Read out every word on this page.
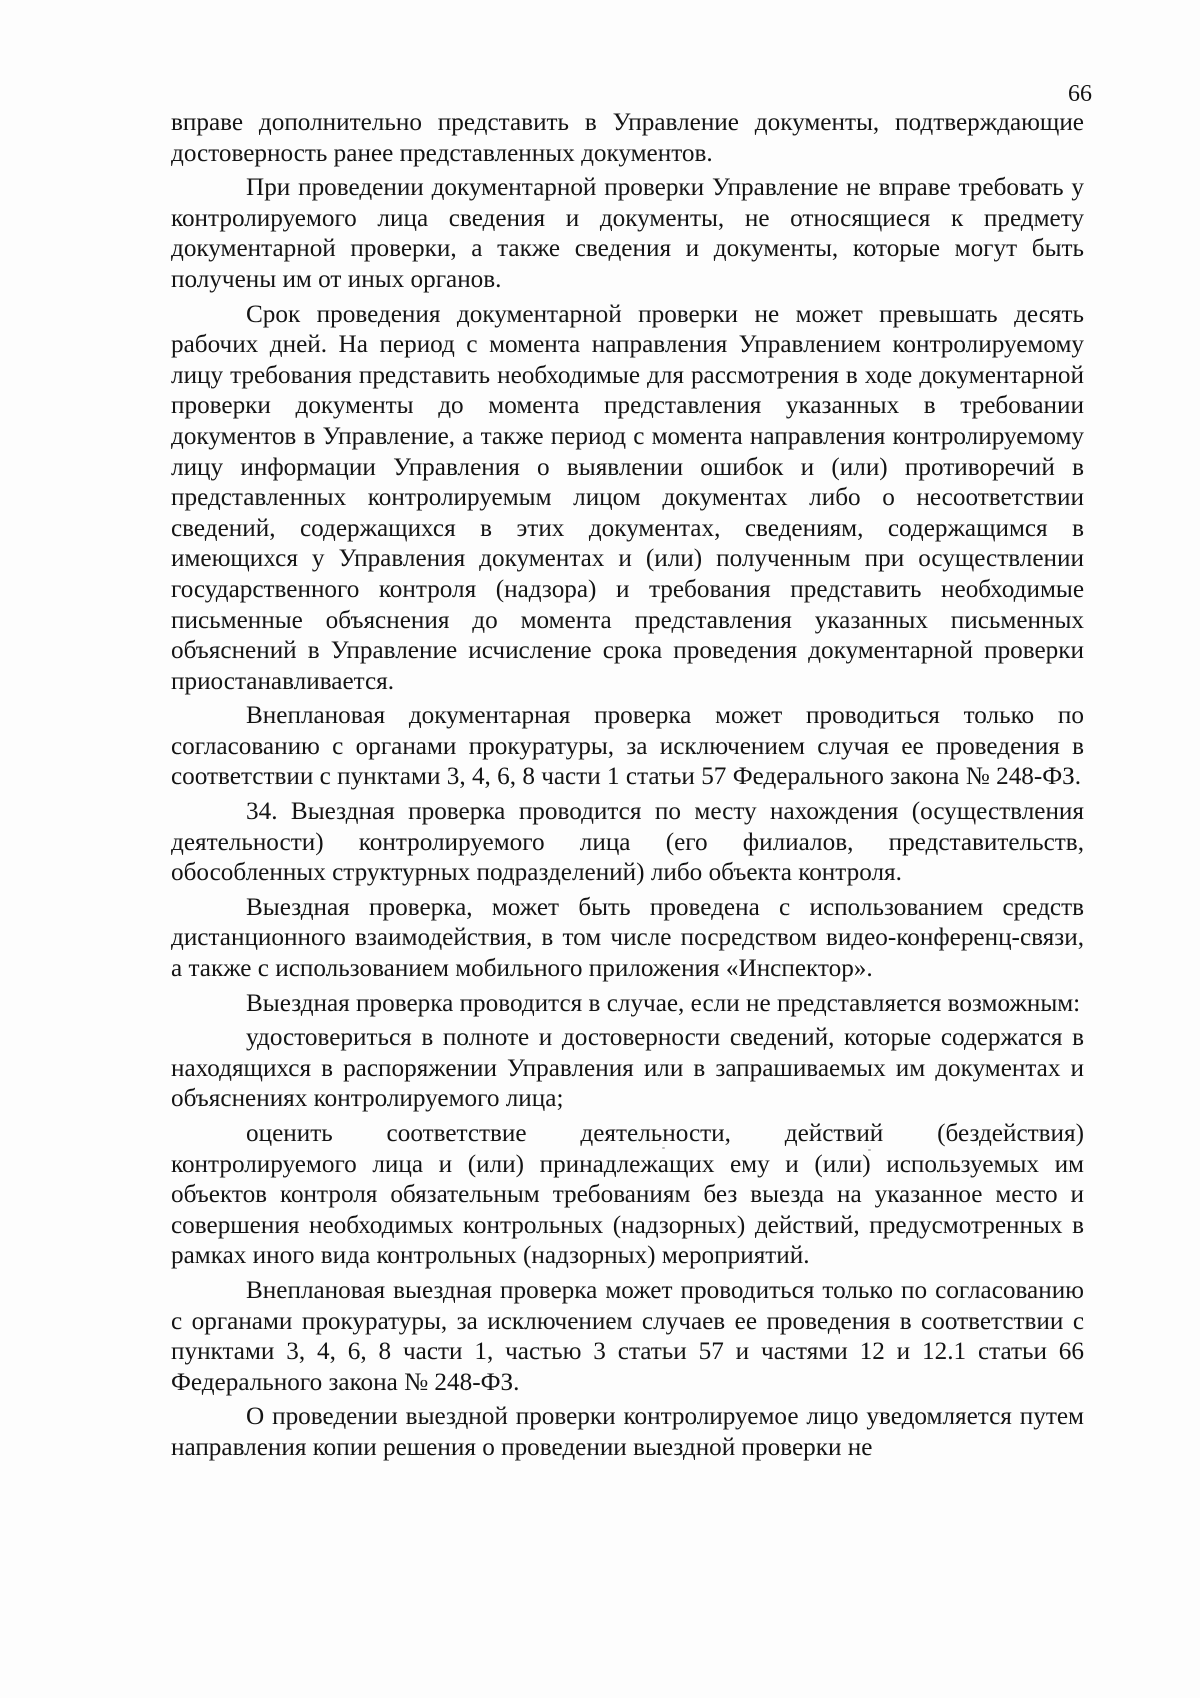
66

вправе дополнительно представить в Управление документы, подтверждающие достоверность ранее представленных документов.

При проведении документарной проверки Управление не вправе требовать у контролируемого лица сведения и документы, не относящиеся к предмету документарной проверки, а также сведения и документы, которые могут быть получены им от иных органов.

Срок проведения документарной проверки не может превышать десять рабочих дней. На период с момента направления Управлением контролируемому лицу требования представить необходимые для рассмотрения в ходе документарной проверки документы до момента представления указанных в требовании документов в Управление, а также период с момента направления контролируемому лицу информации Управления о выявлении ошибок и (или) противоречий в представленных контролируемым лицом документах либо о несоответствии сведений, содержащихся в этих документах, сведениям, содержащимся в имеющихся у Управления документах и (или) полученным при осуществлении государственного контроля (надзора) и требования представить необходимые письменные объяснения до момента представления указанных письменных объяснений в Управление исчисление срока проведения документарной проверки приостанавливается.

Внеплановая документарная проверка может проводиться только по согласованию с органами прокуратуры, за исключением случая ее проведения в соответствии с пунктами 3, 4, 6, 8 части 1 статьи 57 Федерального закона № 248-ФЗ.

34. Выездная проверка проводится по месту нахождения (осуществления деятельности) контролируемого лица (его филиалов, представительств, обособленных структурных подразделений) либо объекта контроля.

Выездная проверка, может быть проведена с использованием средств дистанционного взаимодействия, в том числе посредством видео-конференц-связи, а также с использованием мобильного приложения «Инспектор».

Выездная проверка проводится в случае, если не представляется возможным:

удостовериться в полноте и достоверности сведений, которые содержатся в находящихся в распоряжении Управления или в запрашиваемых им документах и объяснениях контролируемого лица;

оценить соответствие деятельности, действий (бездействия) контролируемого лица и (или) принадлежащих ему и (или) используемых им объектов контроля обязательным требованиям без выезда на указанное место и совершения необходимых контрольных (надзорных) действий, предусмотренных в рамках иного вида контрольных (надзорных) мероприятий.

Внеплановая выездная проверка может проводиться только по согласованию с органами прокуратуры, за исключением случаев ее проведения в соответствии с пунктами 3, 4, 6, 8 части 1, частью 3 статьи 57 и частями 12 и 12.1 статьи 66 Федерального закона № 248-ФЗ.

О проведении выездной проверки контролируемое лицо уведомляется путем направления копии решения о проведении выездной проверки не
